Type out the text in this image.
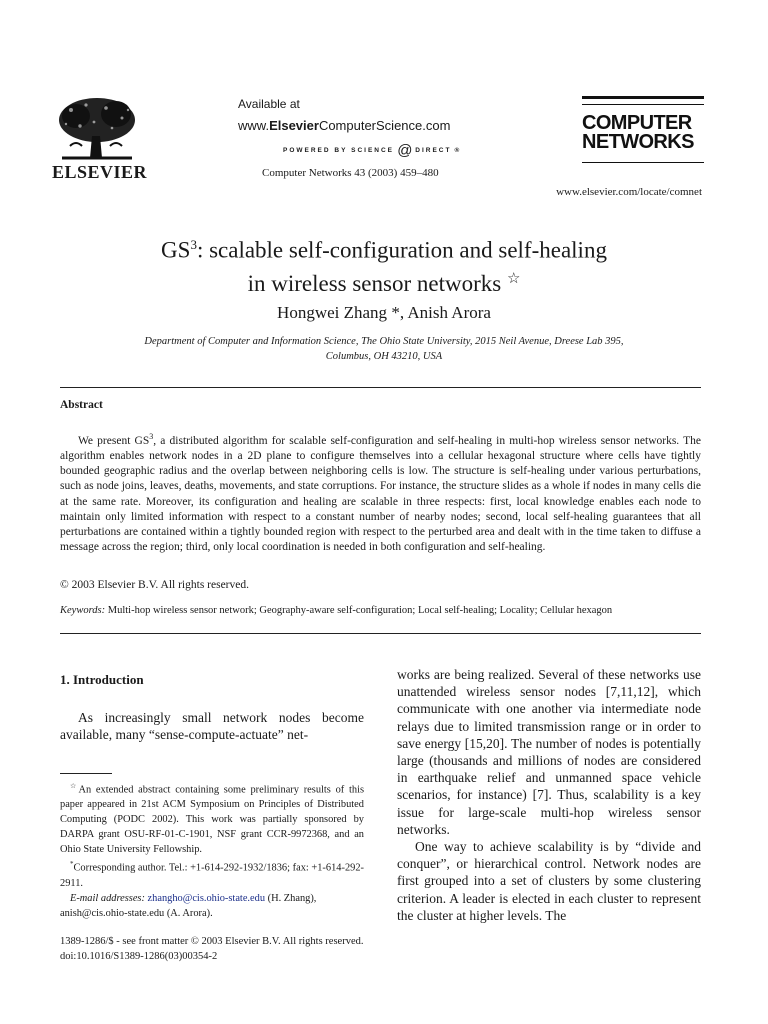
ELSEVIER
Available at
www.ElsevierComputerScience.com
POWERED BY SCIENCE @ DIRECT ®
Computer Networks 43 (2003) 459–480
COMPUTER
NETWORKS
www.elsevier.com/locate/comnet
$GS^3$: scalable self-configuration and self-healing
in wireless sensor networks ☆
Hongwei Zhang *, Anish Arora
Department of Computer and Information Science, The Ohio State University, 2015 Neil Avenue, Dreese Lab 395,
Columbus, OH 43210, USA
Abstract
We present $GS^3$, a distributed algorithm for scalable self-configuration and self-healing in multi-hop wireless sensor networks. The algorithm enables network nodes in a 2D plane to configure themselves into a cellular hexagonal structure where cells have tightly bounded geographic radius and the overlap between neighboring cells is low. The structure is self-healing under various perturbations, such as node joins, leaves, deaths, movements, and state corruptions. For instance, the structure slides as a whole if nodes in many cells die at the same rate. Moreover, its configuration and healing are scalable in three respects: first, local knowledge enables each node to maintain only limited information with respect to a constant number of nearby nodes; second, local self-healing guarantees that all perturbations are contained within a tightly bounded region with respect to the perturbed area and dealt with in the time taken to diffuse a message across the region; third, only local coordination is needed in both configuration and self-healing.
© 2003 Elsevier B.V. All rights reserved.
Keywords: Multi-hop wireless sensor network; Geography-aware self-configuration; Local self-healing; Locality; Cellular hexagon
1. Introduction
As increasingly small network nodes become available, many “sense-compute-actuate” net-

☆An extended abstract containing some preliminary results of this paper appeared in 21st ACM Symposium on Principles of Distributed Computing (PODC 2002). This work was partially sponsored by DARPA grant OSU-RF-01-C-1901, NSF grant CCR-9972368, and an Ohio State University Fellowship.

*Corresponding author. Tel.: +1-614-292-1932/1836; fax: +1-614-292-2911.

E-mail addresses: zhangho@cis.ohio-state.edu (H. Zhang),

anish@cis.ohio-state.edu (A. Arora).

works are being realized. Several of these networks use unattended wireless sensor nodes [7,11,12], which communicate with one another via intermediate node relays due to limited transmission range or in order to save energy [15,20]. The number of nodes is potentially large (thousands and millions of nodes are considered in earthquake relief and unmanned space vehicle scenarios, for instance) [7]. Thus, scalability is a key issue for large-scale multi-hop wireless sensor networks.
One way to achieve scalability is by “divide and conquer”, or hierarchical control. Network nodes are first grouped into a set of clusters by some clustering criterion. A leader is elected in each cluster to represent the cluster at higher levels. The
1389-1286/$ - see front matter © 2003 Elsevier B.V. All rights reserved.
doi:10.1016/S1389-1286(03)00354-2
